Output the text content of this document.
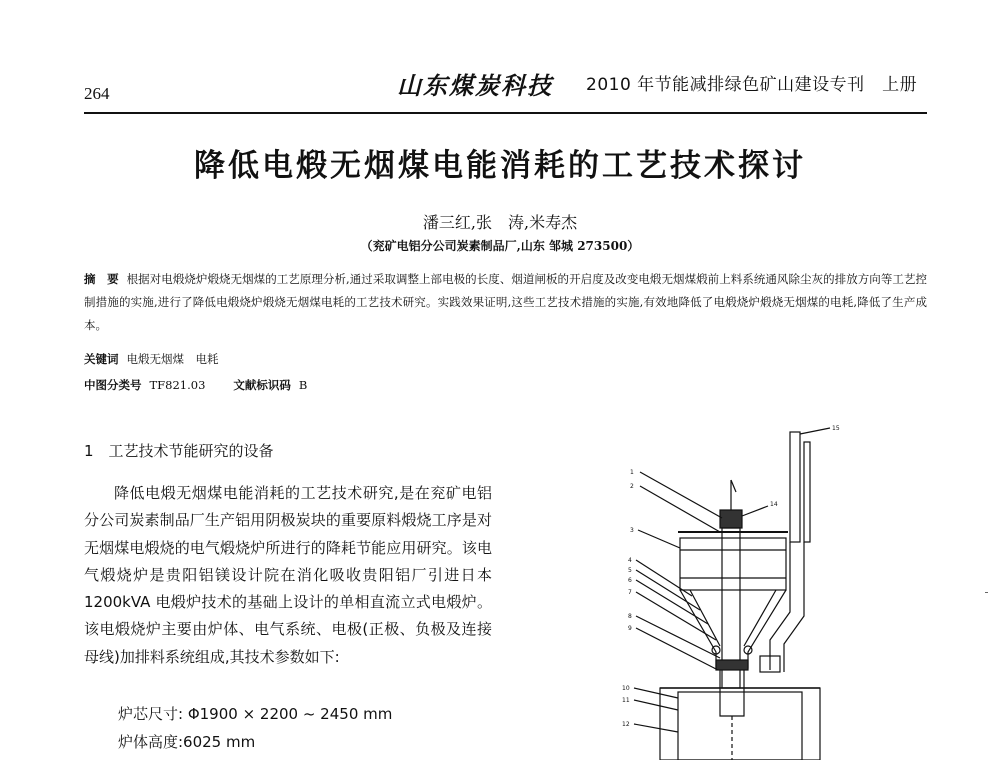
264	山东煤炭科技 2010 年节能减排绿色矿山建设专刊　上册
降低电煅无烟煤电能消耗的工艺技术探讨
潘三红,张　涛,米寿杰
（兖矿电铝分公司炭素制品厂,山东 邹城 273500）
摘　要 根据对电煅烧炉煅烧无烟煤的工艺原理分析,通过采取调整上部电极的长度、烟道闸板的开启度及改变电煅无烟煤煅前上料系统通风除尘灰的排放方向等工艺控制措施的实施,进行了降低电煅烧炉煅烧无烟煤电耗的工艺技术研究。实践效果证明,这些工艺技术措施的实施,有效地降低了电煅烧炉煅烧无烟煤的电耗,降低了生产成本。
关键词 电煅无烟煤　电耗
中图分类号 TF821.03 文献标识码 B
1　工艺技术节能研究的设备

降低电煅无烟煤电能消耗的工艺技术研究,是在兖矿电铝分公司炭素制品厂生产铝用阴极炭块的重要原料煅烧工序是对无烟煤电煅烧的电气煅烧炉所进行的降耗节能应用研究。该电气煅烧炉是贵阳铝镁设计院在消化吸收贵阳铝厂引进日本 1200kVA 电煅炉技术的基础上设计的单相直流立式电煅炉。该电煅烧炉主要由炉体、电气系统、电极(正极、负极及连接母线)加排料系统组成,其技术参数如下:

炉芯尺寸: Φ1900 × 2200 ~ 2450 mm
炉体高度:6025 mm
1
2
3
4
5
6
7
8
9
10
11
12
14
15
